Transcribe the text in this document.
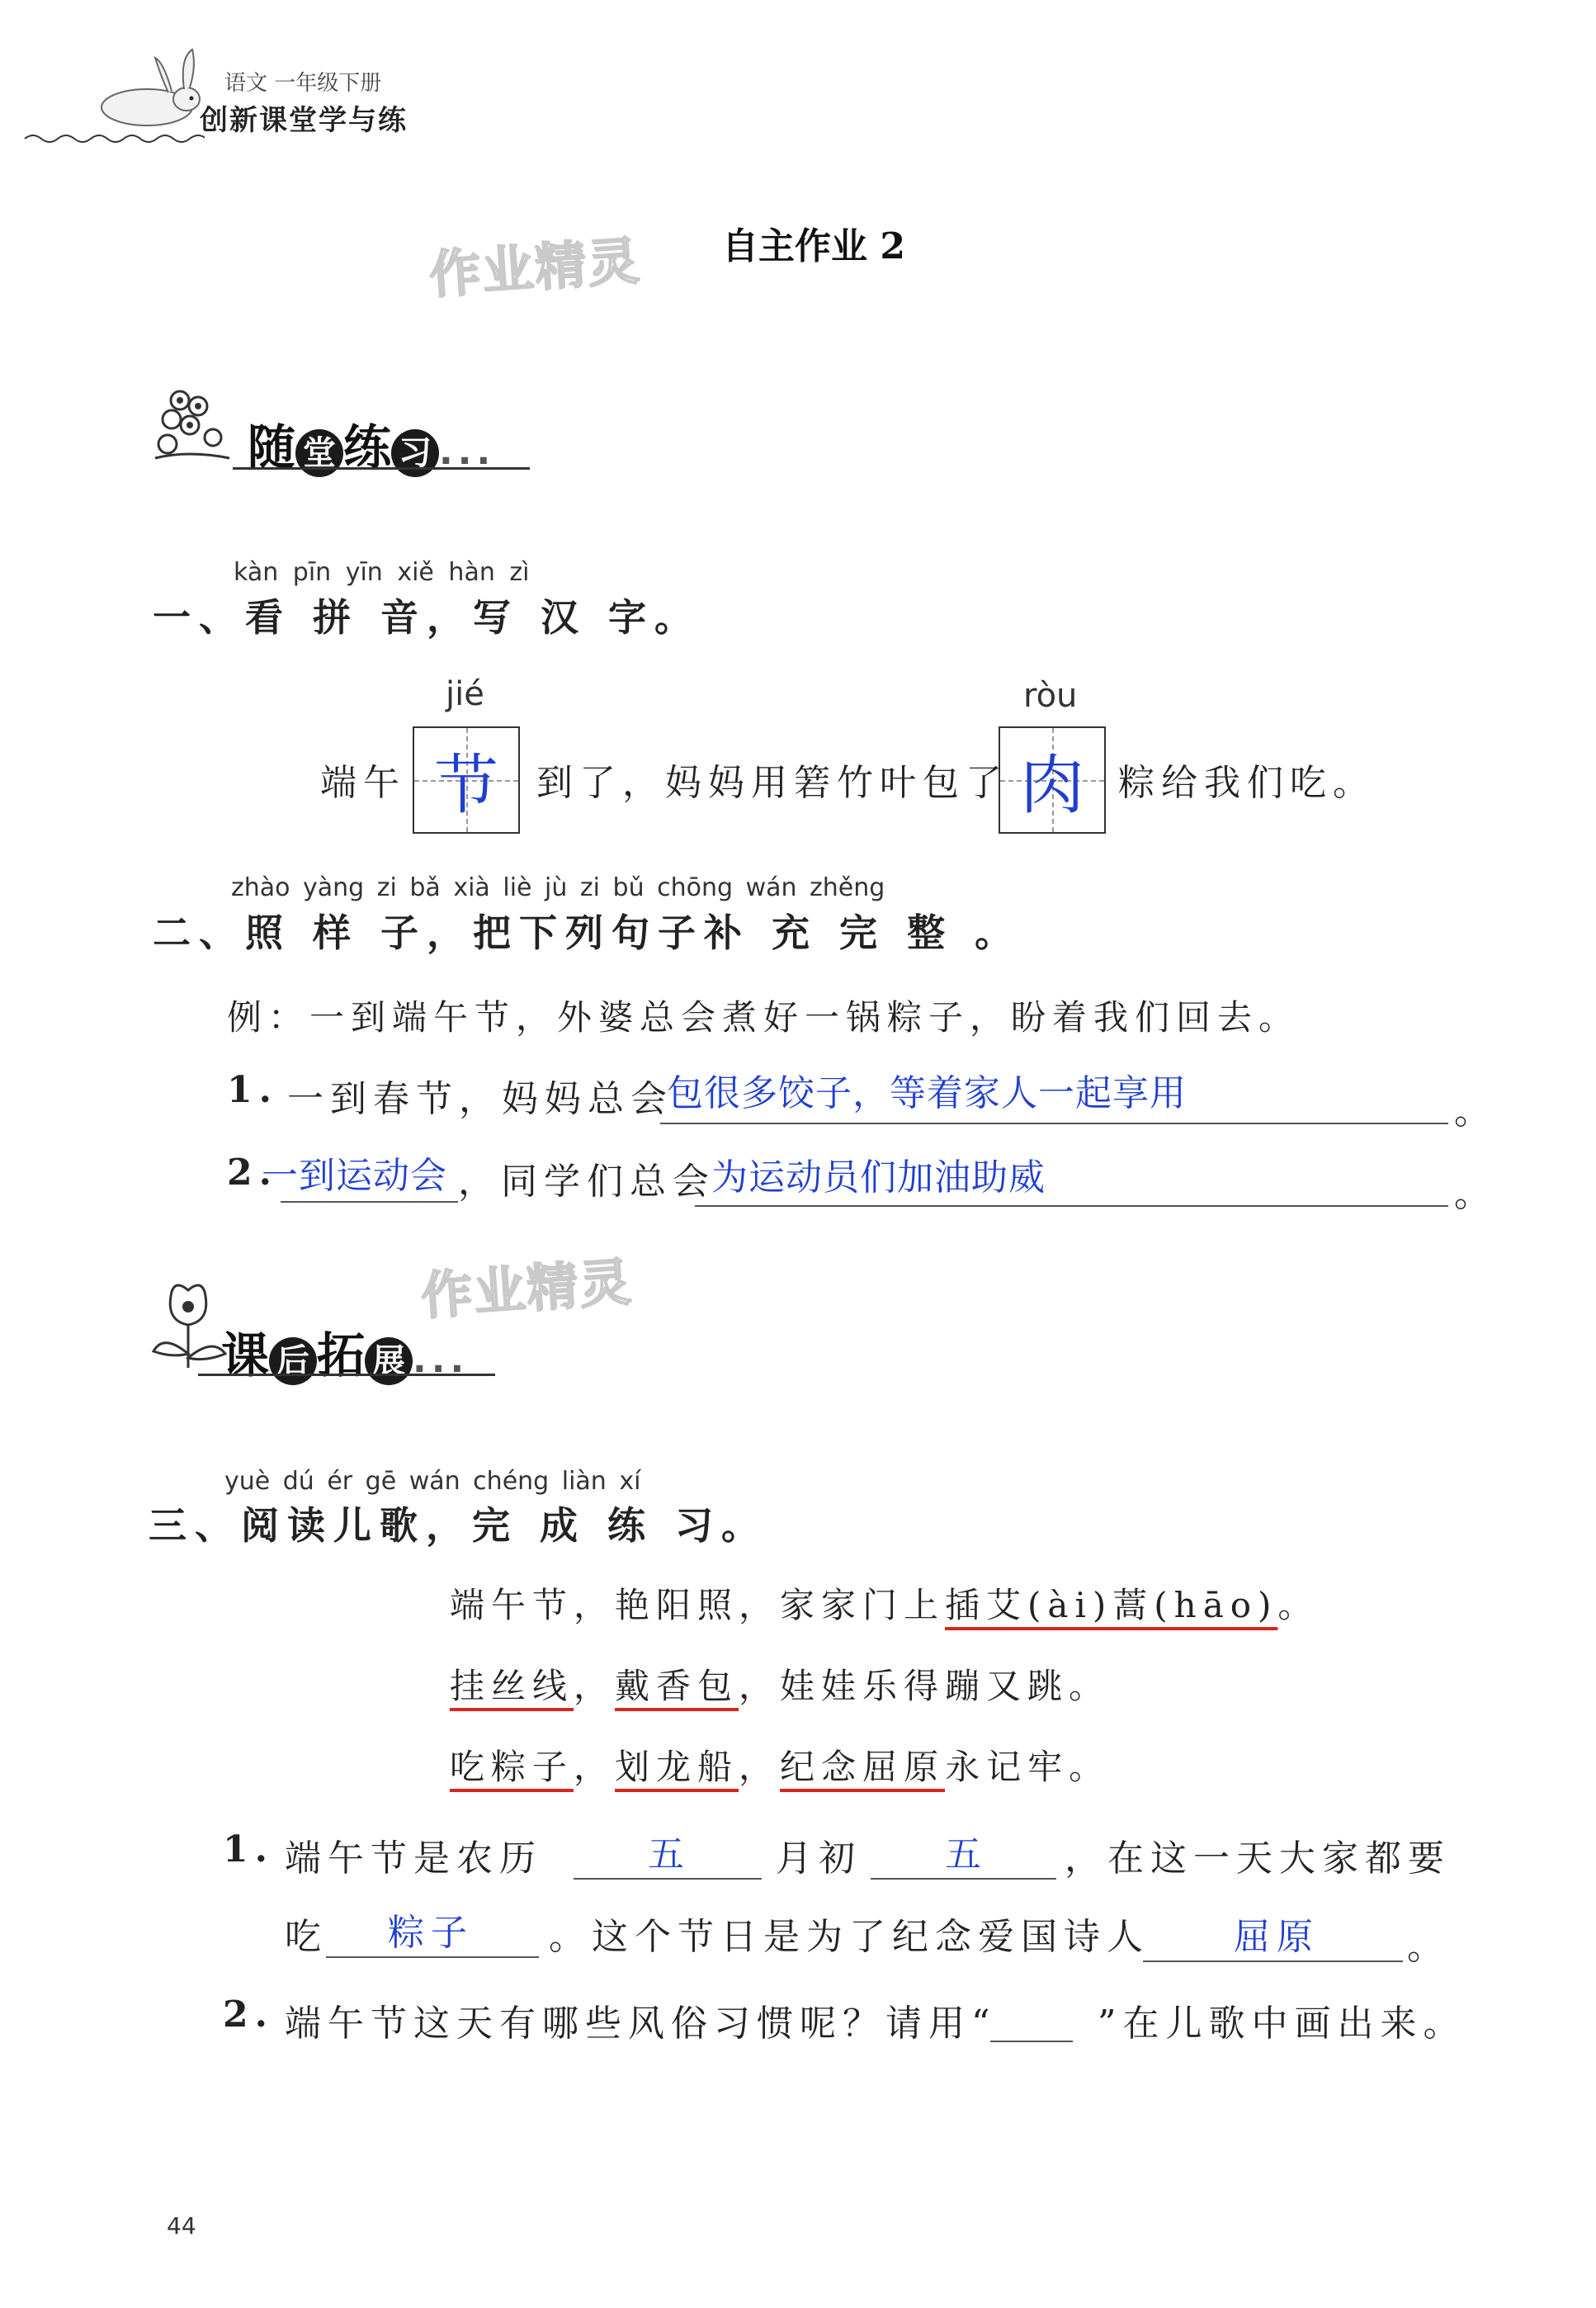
语文 一年级下册
创新课堂学与练
作业精灵
作业精灵
自主作业 2
随 堂 练 习 ...
kàn pīn yīn xiě hàn zì
一、看 拼 音，写 汉 字。
jié	ròu
端午 节	到了，妈妈用箬竹叶包了 肉 粽给我们吃。
zhào yàng zi bǎ xià liè jù zi bǔ chōng wán zhěng
二、照 样 子，把下列句子补 充 完 整 。
例：一到端午节，外婆总会煮好一锅粽子，盼着我们回去。
1. 一到春节，妈妈总会
包很多饺子，等着家人一起享用	。
2.
一到运动会 ，同学们总会
为运动员们加油助威	。
课 后 拓 展 ...
yuè dú ér gē wán chéng liàn xí
三、阅读儿歌，完 成 练 习。
端午节，艳阳照，家家门上插艾(ài)蒿(hāo)。
挂丝线，戴香包，娃娃乐得蹦又跳。
吃粽子，划龙船，纪念屈原永记牢。
1. 端午节是农历	五 月初 五 ，在这一天大家都要
吃 粽子 。这个节日是为了纪念爱国诗人 屈原 。
2. 端午节这天有哪些风俗习惯呢？请用“	”在儿歌中画出来。
44
